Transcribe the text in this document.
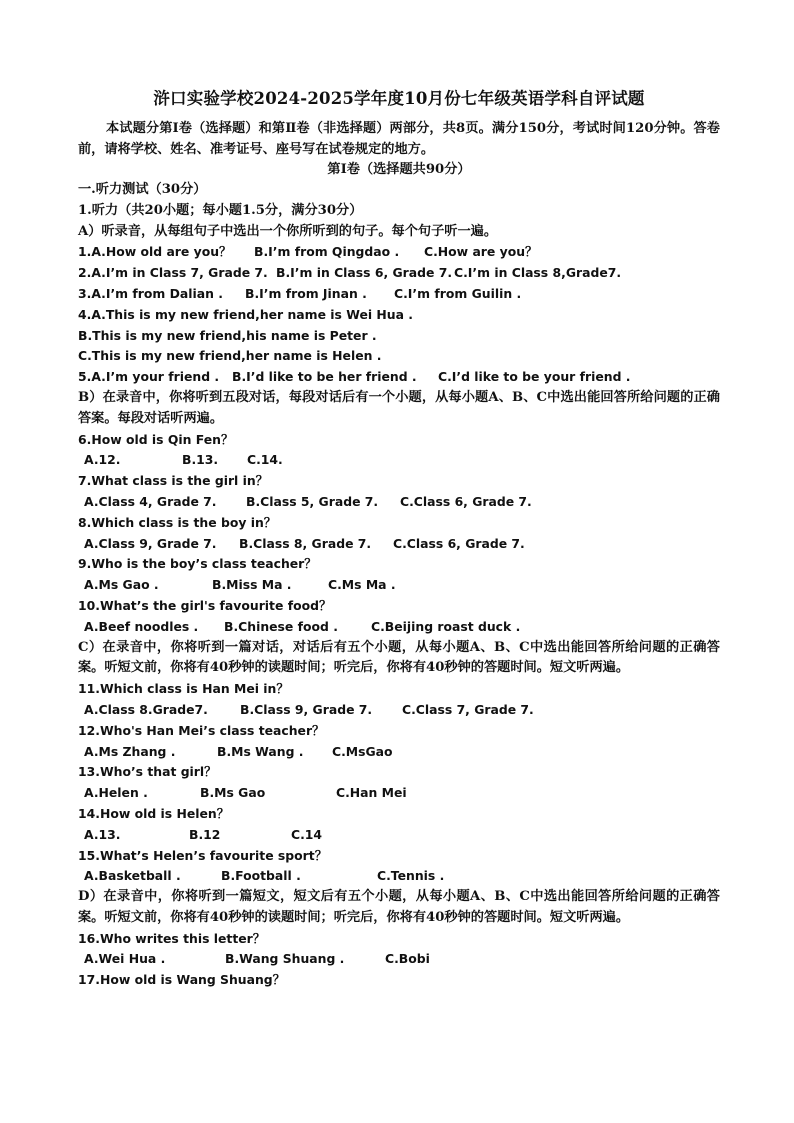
浒口实验学校2024-2025学年度10月份七年级英语学科自评试题

本试题分第Ⅰ卷（选择题）和第Ⅱ卷（非选择题）两部分，共8页。满分150分，考试时间120分钟。答卷前，请将学校、姓名、准考证号、座号写在试卷规定的地方。

第Ⅰ卷（选择题共90分）
一.听力测试（30分）
1.听力（共20小题；每小题1.5分，满分30分）
A）听录音，从每组句子中选出一个你所听到的句子。每个句子听一遍。
1.A.How old are you？	B.I’m from Qingdao .	C.How are you？
2.A.I’m in Class 7, Grade 7. B.I’m in Class 6, Grade 7. C.I’m in Class 8,Grade7.
3.A.I’m from Dalian .	B.I’m from Jinan .	C.I’m from Guilin .
4.A.This is my new friend,her name is Wei Hua .
B.This is my new friend,his name is Peter .
C.This is my new friend,her name is Helen .
5.A.I’m your friend .	B.I’d like to be her friend .	C.I’d like to be your friend .
B）在录音中，你将听到五段对话，每段对话后有一个小题，从每小题A、B、C中选出能回答所给问题的正确答案。每段对话听两遍。
6.How old is Qin Fen？
A.12.	B.13.	C.14.
7.What class is the girl in？
A.Class 4, Grade 7.	B.Class 5, Grade 7.	C.Class 6, Grade 7.
8.Which class is the boy in？
A.Class 9, Grade 7.	B.Class 8, Grade 7.	C.Class 6, Grade 7.
9.Who is the boy’s class teacher？
A.Ms Gao .	B.Miss Ma .	C.Ms Ma .
10.What’s the girl's favourite food？
A.Beef noodles .	B.Chinese food .	C.Beijing roast duck .
C）在录音中，你将听到一篇对话，对话后有五个小题，从每小题A、B、C中选出能回答所给问题的正确答案。听短文前，你将有40秒钟的读题时间；听完后，你将有40秒钟的答题时间。短文听两遍。
11.Which class is Han Mei in？
A.Class 8.Grade7.	B.Class 9, Grade 7.	C.Class 7, Grade 7.
12.Who's Han Mei’s class teacher？
A.Ms Zhang .	B.Ms Wang .	C.MsGao
13.Who’s that girl？
A.Helen .	B.Ms Gao	C.Han Mei
14.How old is Helen？
A.13.	B.12	C.14
15.What’s Helen’s favourite sport？
A.Basketball .	B.Football .	C.Tennis .
D）在录音中，你将听到一篇短文，短文后有五个小题，从每小题A、B、C中选出能回答所给问题的正确答案。听短文前，你将有40秒钟的读题时间；听完后，你将有40秒钟的答题时间。短文听两遍。
16.Who writes this letter？
A.Wei Hua .	B.Wang Shuang .	C.Bobi
17.How old is Wang Shuang？
